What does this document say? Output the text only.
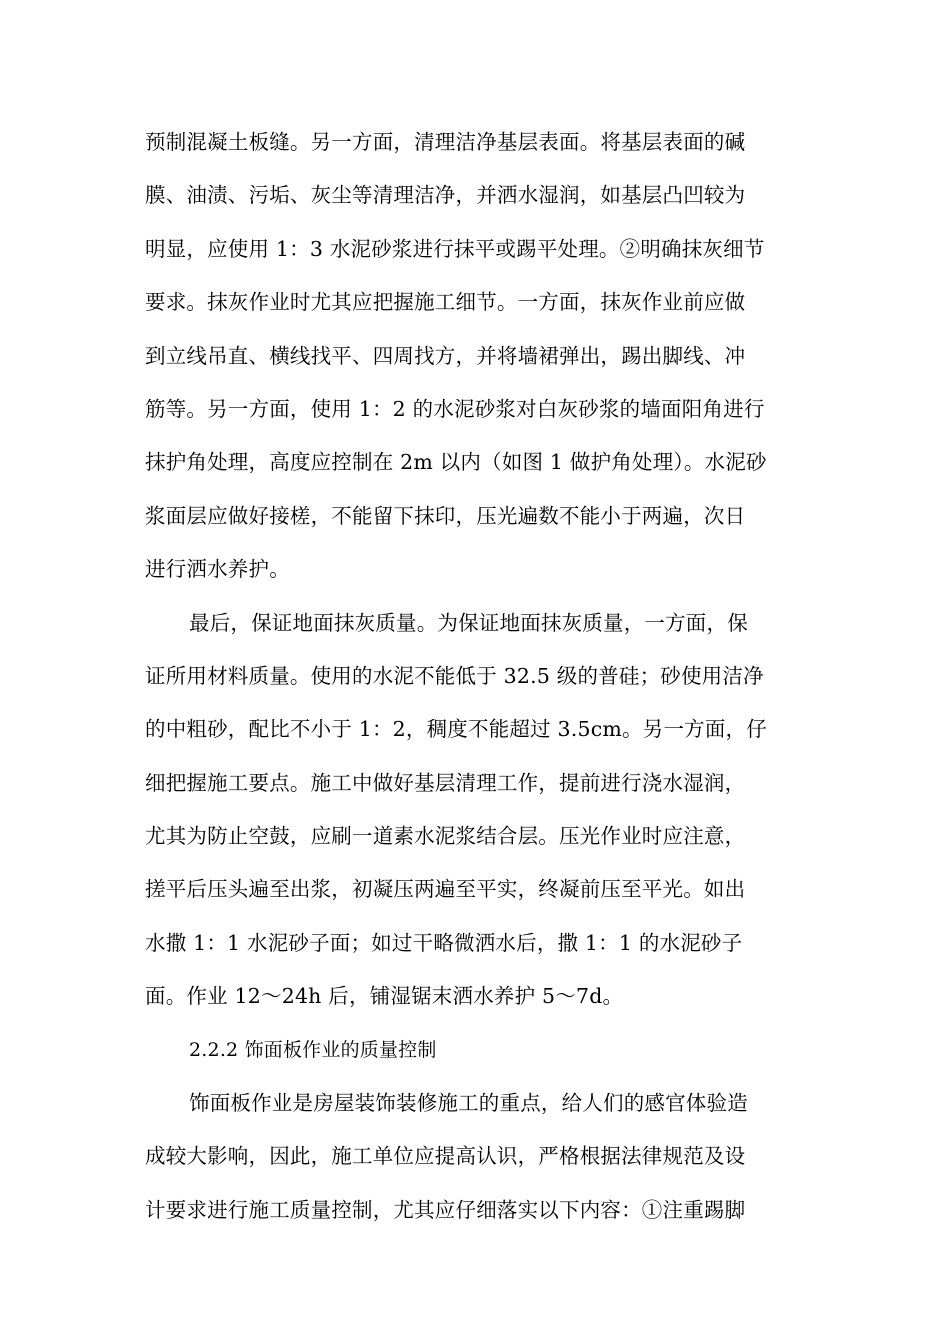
预制混凝土板缝。另一方面，清理洁净基层表面。将基层表面的碱
膜、油渍、污垢、灰尘等清理洁净，并洒水湿润，如基层凸凹较为
明显，应使用 1：3 水泥砂浆进行抹平或踢平处理。②明确抹灰细节
要求。抹灰作业时尤其应把握施工细节。一方面，抹灰作业前应做
到立线吊直、横线找平、四周找方，并将墙裙弹出，踢出脚线、冲
筋等。另一方面，使用 1：2 的水泥砂浆对白灰砂浆的墙面阳角进行
抹护角处理，高度应控制在 2m 以内（如图 1 做护角处理）。水泥砂
浆面层应做好接槎，不能留下抹印，压光遍数不能小于两遍，次日
进行洒水养护。
最后，保证地面抹灰质量。为保证地面抹灰质量，一方面，保
证所用材料质量。使用的水泥不能低于 32.5 级的普硅；砂使用洁净
的中粗砂，配比不小于 1：2，稠度不能超过 3.5cm。另一方面，仔
细把握施工要点。施工中做好基层清理工作，提前进行浇水湿润，
尤其为防止空鼓，应刷一道素水泥浆结合层。压光作业时应注意，
搓平后压头遍至出浆，初凝压两遍至平实，终凝前压至平光。如出
水撒 1：1 水泥砂子面；如过干略微洒水后，撒 1：1 的水泥砂子
面。作业 12～24h 后，铺湿锯末洒水养护 5～7d。
2.2.2 饰面板作业的质量控制
饰面板作业是房屋装饰装修施工的重点，给人们的感官体验造
成较大影响，因此，施工单位应提高认识，严格根据法律规范及设
计要求进行施工质量控制，尤其应仔细落实以下内容：①注重踢脚
